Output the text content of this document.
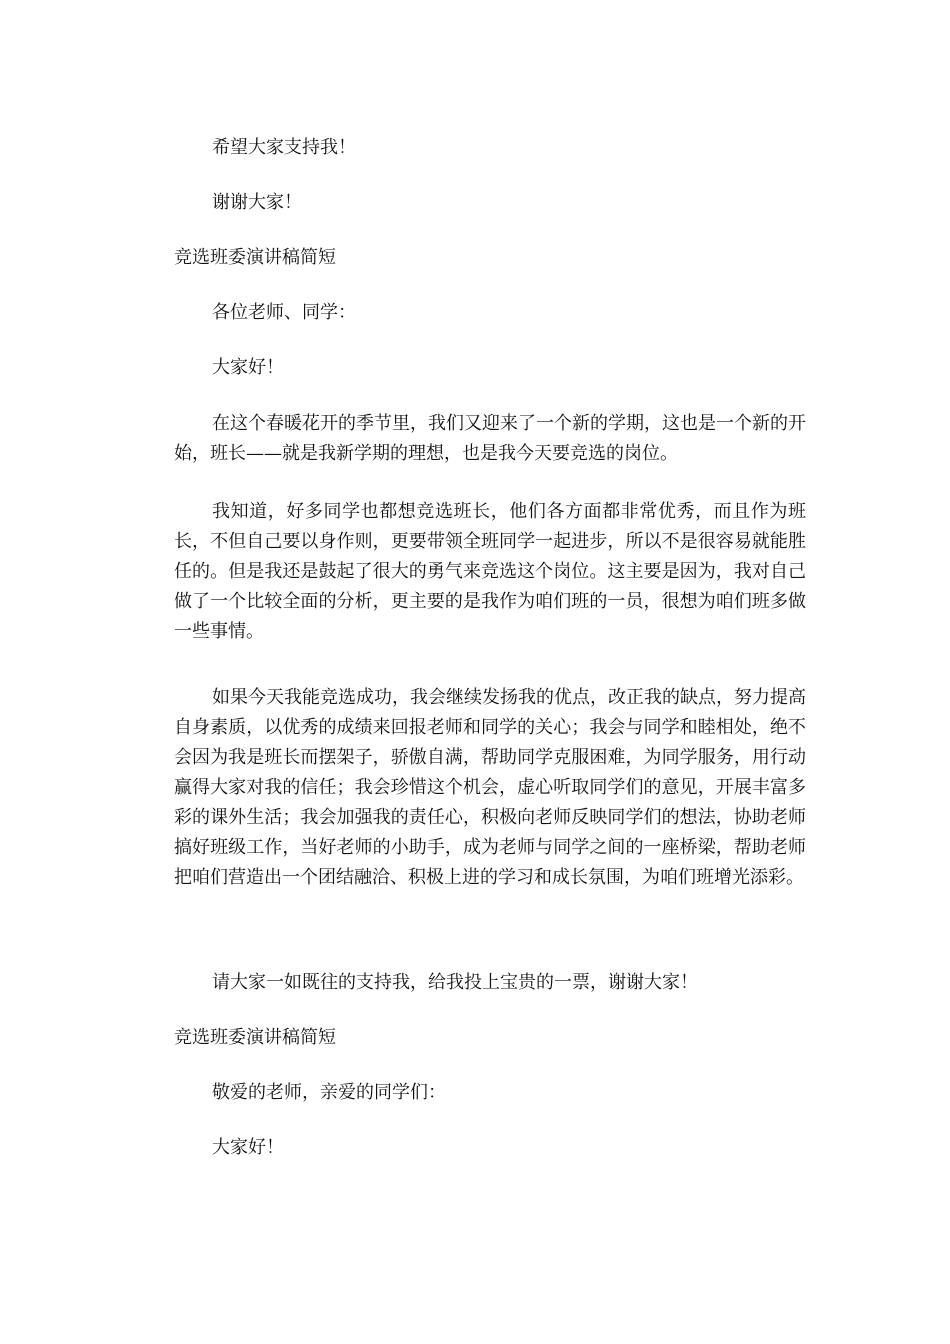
希望大家支持我！

谢谢大家！

竞选班委演讲稿简短

各位老师、同学：

大家好！

在这个春暖花开的季节里，我们又迎来了一个新的学期，这也是一个新的开始，班长——就是我新学期的理想，也是我今天要竞选的岗位。

我知道，好多同学也都想竞选班长，他们各方面都非常优秀，而且作为班长，不但自己要以身作则，更要带领全班同学一起进步，所以不是很容易就能胜任的。但是我还是鼓起了很大的勇气来竞选这个岗位。这主要是因为，我对自己做了一个比较全面的分析，更主要的是我作为咱们班的一员，很想为咱们班多做一些事情。

如果今天我能竞选成功，我会继续发扬我的优点，改正我的缺点，努力提高自身素质，以优秀的成绩来回报老师和同学的关心；我会与同学和睦相处，绝不会因为我是班长而摆架子，骄傲自满，帮助同学克服困难，为同学服务，用行动赢得大家对我的信任；我会珍惜这个机会，虚心听取同学们的意见，开展丰富多彩的课外生活；我会加强我的责任心，积极向老师反映同学们的想法，协助老师搞好班级工作，当好老师的小助手，成为老师与同学之间的一座桥梁，帮助老师把咱们营造出一个团结融洽、积极上进的学习和成长氛围，为咱们班增光添彩。

请大家一如既往的支持我，给我投上宝贵的一票，谢谢大家！

竞选班委演讲稿简短

敬爱的老师，亲爱的同学们：

大家好！
